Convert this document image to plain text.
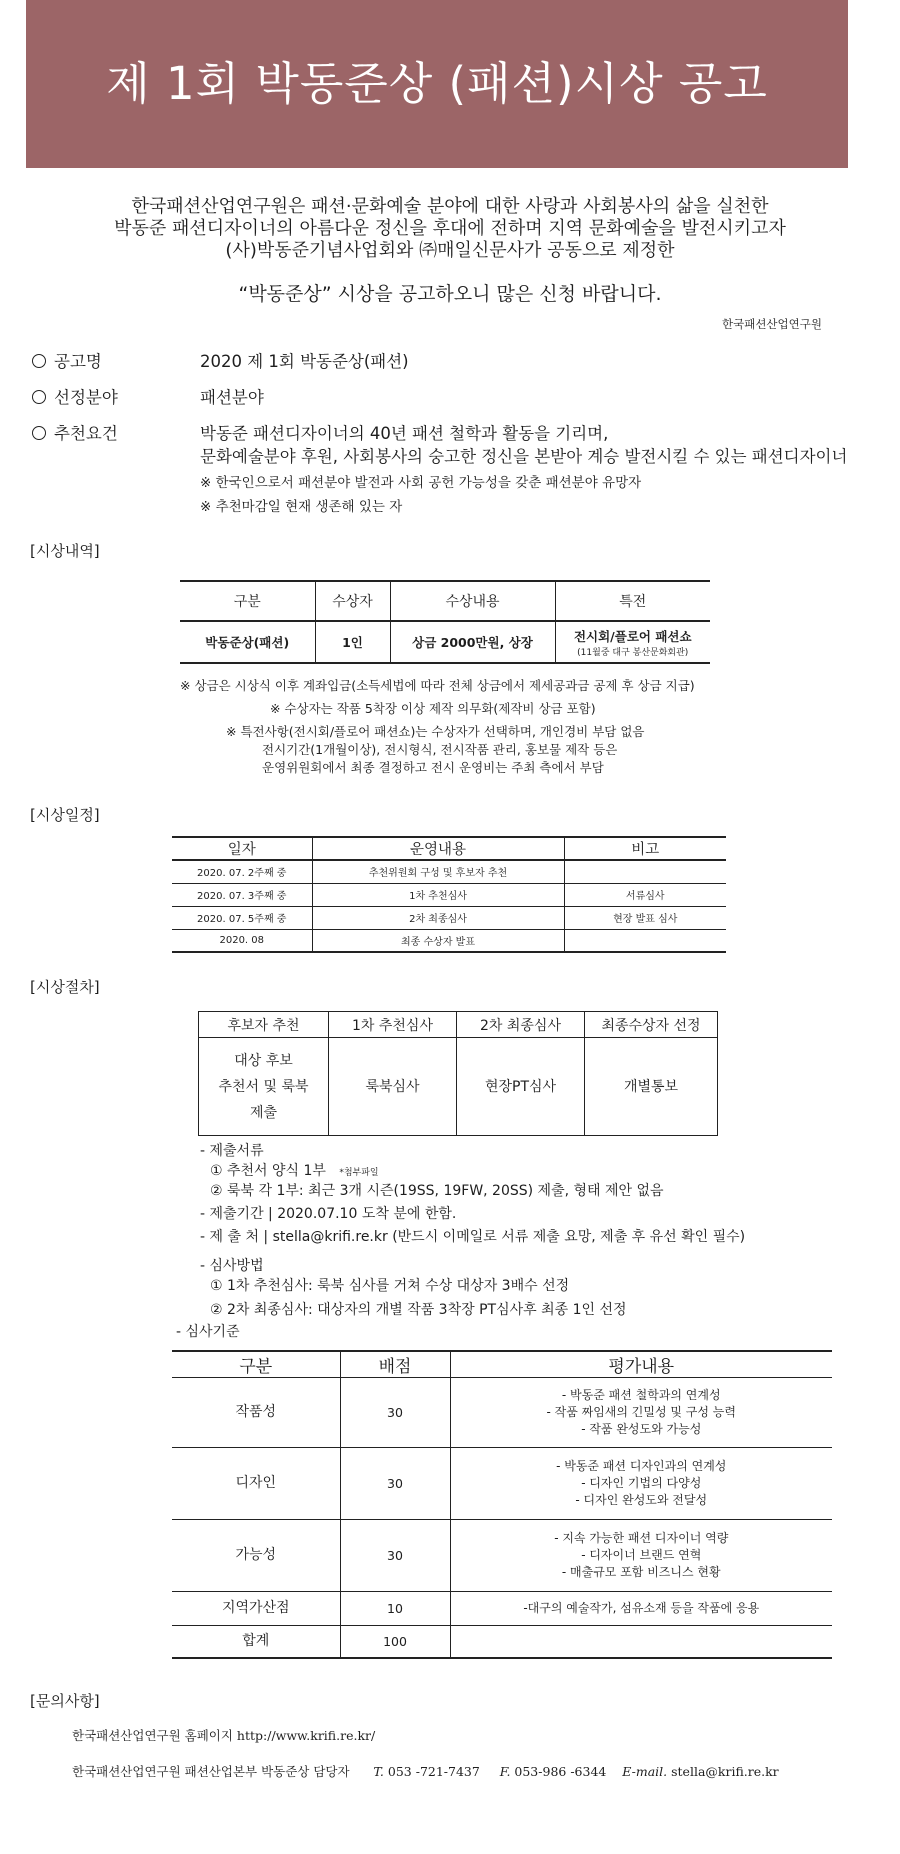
제 1회 박동준상 (패션)시상 공고
한국패션산업연구원은 패션·문화예술 분야에 대한 사랑과 사회봉사의 삶을 실천한
박동준 패션디자이너의 아름다운 정신을 후대에 전하며 지역 문화예술을 발전시키고자
(사)박동준기념사업회와 ㈜매일신문사가 공동으로 제정한
“박동준상” 시상을 공고하오니 많은 신청 바랍니다.
한국패션산업연구원
공고명	2020 제 1회 박동준상(패션)
선정분야	패션분야
추천요건	박동준 패션디자이너의 40년 패션 철학과 활동을 기리며,
문화예술분야 후원, 사회봉사의 숭고한 정신을 본받아 계승 발전시킬 수 있는 패션디자이너
※ 한국인으로서 패션분야 발전과 사회 공헌 가능성을 갖춘 패션분야 유망자
※ 추천마감일 현재 생존해 있는 자
[시상내역]
구분	수상자	수상내용	특전
박동준상(패션)	1인	상금 2000만원, 상장	전시회/플로어 패션쇼
(11월중 대구 봉산문화회관)
※ 상금은 시상식 이후 계좌입금(소득세법에 따라 전체 상금에서 제세공과금 공제 후 상금 지급)
※ 수상자는 작품 5착장 이상 제작 의무화(제작비 상금 포함)
※ 특전사항(전시회/플로어 패션쇼)는 수상자가 선택하며, 개인경비 부담 없음
전시기간(1개월이상), 전시형식, 전시작품 관리, 홍보물 제작 등은
운영위원회에서 최종 결정하고 전시 운영비는 주최 측에서 부담
[시상일정]
일자	운영내용	비고
2020. 07. 2주째 중	추천위원회 구성 및 후보자 추천	
2020. 07. 3주째 중	1차 추천심사	서류심사
2020. 07. 5주째 중	2차 최종심사	현장 발표 심사
2020. 08	최종 수상자 발표	
[시상절차]
후보자 추천	1차 추천심사	2차 최종심사	최종수상자 선정

대상 후보
추천서 및 룩북
제출	룩북심사	현장PT심사	개별통보
- 제출서류
① 추천서 양식 1부 *첨부파일
② 룩북 각 1부: 최근 3개 시즌(19SS, 19FW, 20SS) 제출, 형태 제안 없음
- 제출기간 | 2020.07.10 도착 분에 한함.
- 제 출 처 | stella@krifi.re.kr (반드시 이메일로 서류 제출 요망, 제출 후 유선 확인 필수)
- 심사방법
① 1차 추천심사: 룩북 심사를 거쳐 수상 대상자 3배수 선정
② 2차 최종심사: 대상자의 개별 작품 3착장 PT심사후 최종 1인 선정
- 심사기준
구분	배점	평가내용
작품성	30	- 박동준 패션 철학과의 연계성
- 작품 짜임새의 긴밀성 및 구성 능력
- 작품 완성도와 가능성

디자인	30	- 박동준 패션 디자인과의 연계성
- 디자인 기법의 다양성
- 디자인 완성도와 전달성

가능성	30	- 지속 가능한 패션 디자이너 역량
- 디자이너 브랜드 연혁
- 매출규모 포함 비즈니스 현황

지역가산점	10	-대구의 예술작가, 섬유소재 등을 작품에 응용
합계	100	
[문의사항]
한국패션산업연구원 홈페이지 http://www.krifi.re.kr/
한국패션산업연구원 패션산업본부 박동준상 담당자 T. 053 -721-7437 F. 053-986 -6344 E-mail. stella@krifi.re.kr
